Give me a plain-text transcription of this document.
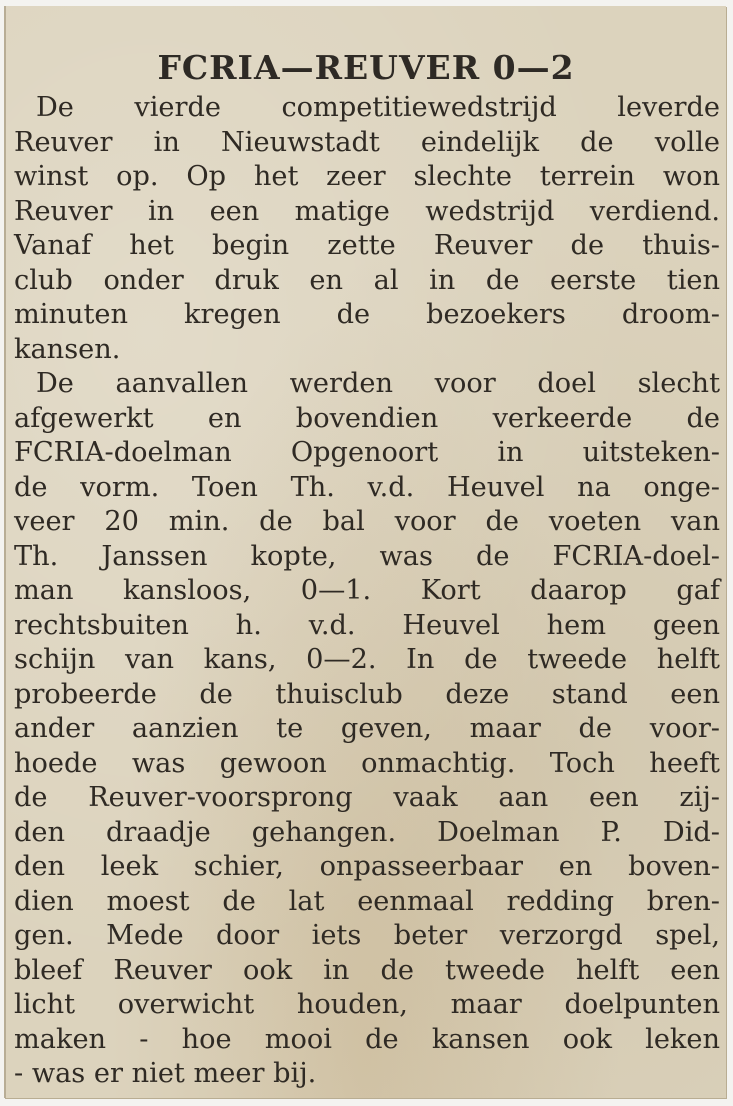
FCRIA—REUVER 0—2
De vierde competitiewedstrijd leverde
Reuver in Nieuwstadt eindelijk de volle
winst op. Op het zeer slechte terrein won
Reuver in een matige wedstrijd verdiend.
Vanaf het begin zette Reuver de thuis-
club onder druk en al in de eerste tien
minuten kregen de bezoekers droom-
kansen.
De aanvallen werden voor doel slecht
afgewerkt en bovendien verkeerde de
FCRIA-doelman Opgenoort in uitsteken-
de vorm. Toen Th. v.d. Heuvel na onge-
veer 20 min. de bal voor de voeten van
Th. Janssen kopte, was de FCRIA-doel-
man kansloos, 0—1. Kort daarop gaf
rechtsbuiten h. v.d. Heuvel hem geen
schijn van kans, 0—2. In de tweede helft
probeerde de thuisclub deze stand een
ander aanzien te geven, maar de voor-
hoede was gewoon onmachtig. Toch heeft
de Reuver-voorsprong vaak aan een zij-
den draadje gehangen. Doelman P. Did-
den leek schier, onpasseerbaar en boven-
dien moest de lat eenmaal redding bren-
gen. Mede door iets beter verzorgd spel,
bleef Reuver ook in de tweede helft een
licht overwicht houden, maar doelpunten
maken - hoe mooi de kansen ook leken
- was er niet meer bij.
